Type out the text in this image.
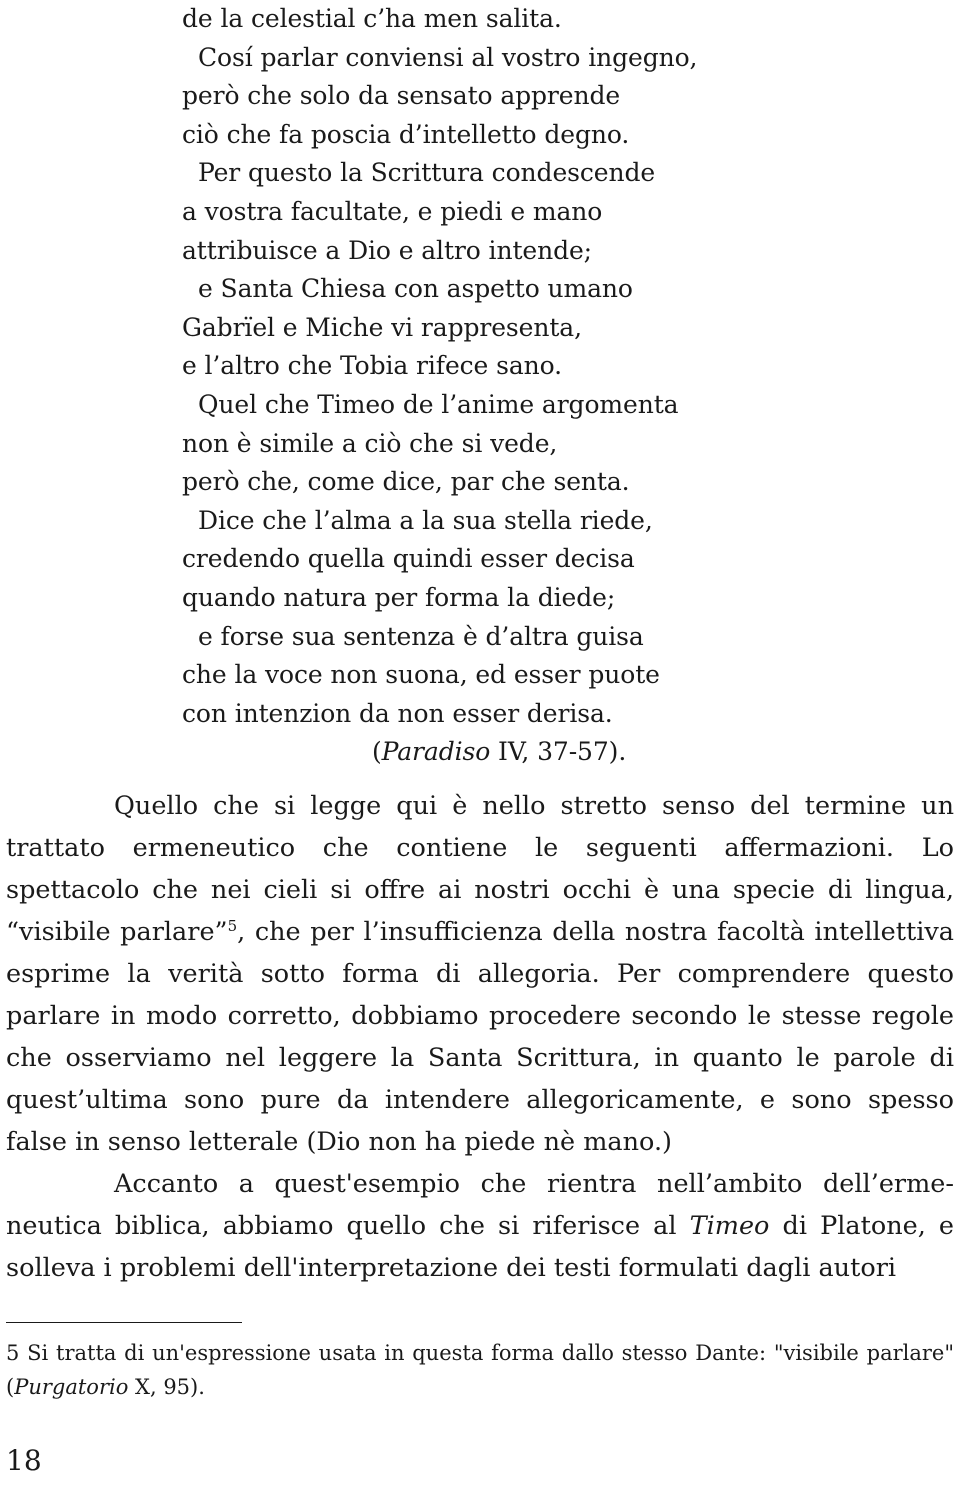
de la celestial c’ha men salita.
Cosí parlar conviensi al vostro ingegno,
però che solo da sensato apprende
ciò che fa poscia d’intelletto degno.
Per questo la Scrittura condescende
a vostra facultate, e piedi e mano
attribuisce a Dio e altro intende;
e Santa Chiesa con aspetto umano
Gabrïel e Miche vi rappresenta,
e l’altro che Tobia rifece sano.
Quel che Timeo de l’anime argomenta
non è simile a ciò che si vede,
però che, come dice, par che senta.
Dice che l’alma a la sua stella riede,
credendo quella quindi esser decisa
quando natura per forma la diede;
e forse sua sentenza è d’altra guisa
che la voce non suona, ed esser puote
con intenzion da non esser derisa.
(Paradiso IV, 37-57).

Quello che si legge qui è nello stretto senso del termine un trattato ermeneutico che contiene le seguenti affermazioni. Lo spettacolo che nei cieli si offre ai nostri occhi è una specie di lingua, “visibile parlare”$^5$, che per l’insufficienza della nostra facoltà intellettiva esprime la verità sotto forma di allegoria. Per comprendere questo parlare in modo corretto, dobbiamo procedere secondo le stesse regole che osserviamo nel leggere la Santa Scrittura, in quanto le parole di quest’ultima sono pure da intendere allegoricamente, e sono spesso false in senso letterale (Dio non ha piede nè mano.)

Accanto a quest'esempio che rientra nell’ambito dell’ermeneutica biblica, abbiamo quello che si riferisce al Timeo di Platone, e solleva i problemi dell'interpretazione dei testi formulati dagli autori

5 Si tratta di un'espressione usata in questa forma dallo stesso Dante: "visibile parlare" (Purgatorio X, 95).
18
